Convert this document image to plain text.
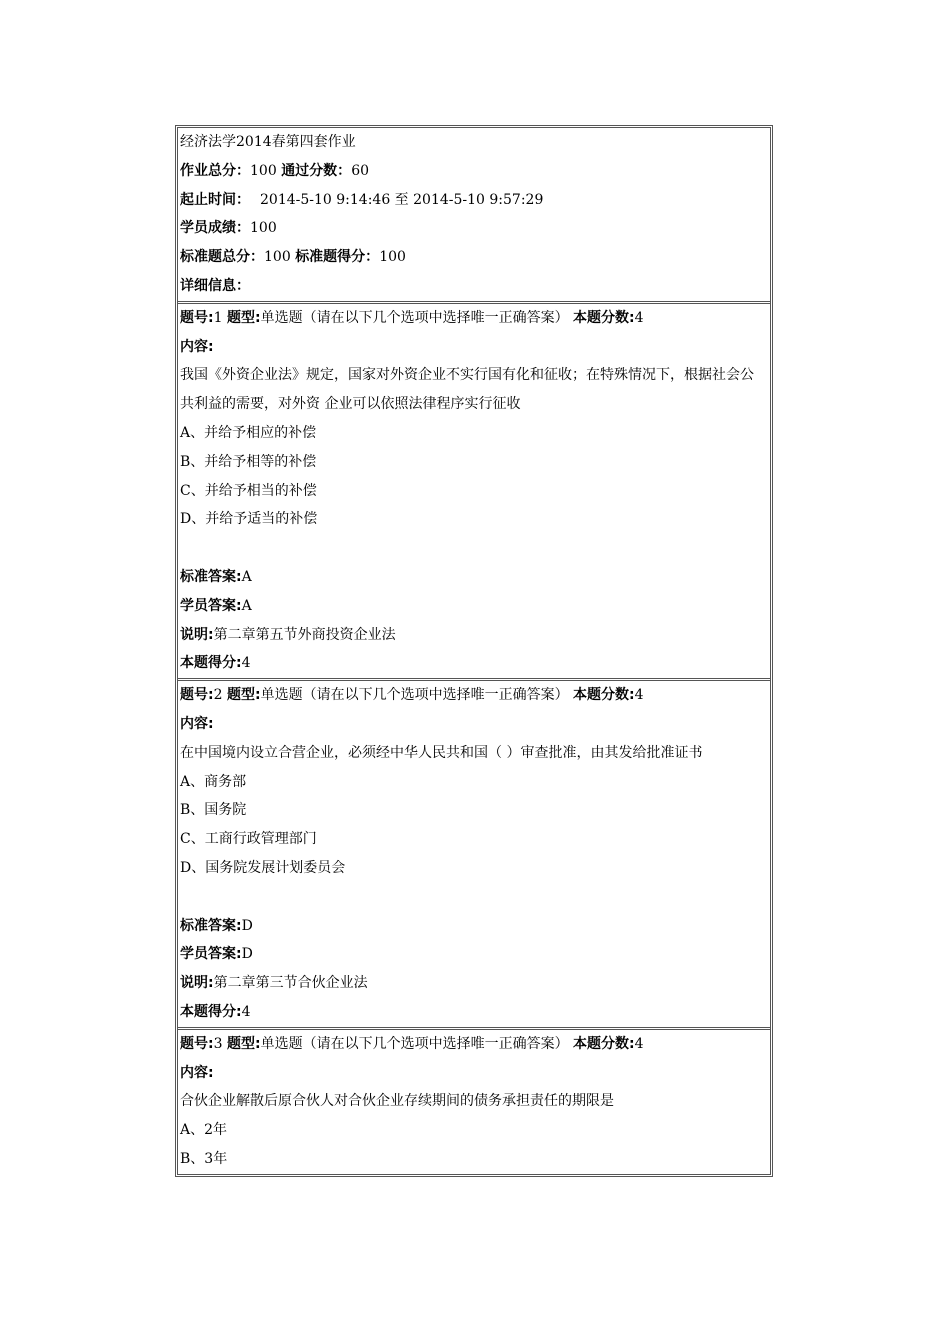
经济法学2014春第四套作业
作业总分：100 通过分数：60
起止时间： 2014-5-10 9:14:46 至 2014-5-10 9:57:29
学员成绩：100
标准题总分：100 标准题得分：100
详细信息：
题号:1 题型:单选题（请在以下几个选项中选择唯一正确答案） 本题分数:4
内容:
我国《外资企业法》规定，国家对外资企业不实行国有化和征收；在特殊情况下，根据社会公共利益的需要，对外资 企业可以依照法律程序实行征收
A、并给予相应的补偿
B、并给予相等的补偿
C、并给予相当的补偿
D、并给予适当的补偿
标准答案:A
学员答案:A
说明:第二章第五节外商投资企业法
本题得分:4
题号:2 题型:单选题（请在以下几个选项中选择唯一正确答案） 本题分数:4
内容:
在中国境内设立合营企业，必须经中华人民共和国（ ）审查批准，由其发给批准证书
A、商务部
B、国务院
C、工商行政管理部门
D、国务院发展计划委员会
标准答案:D
学员答案:D
说明:第二章第三节合伙企业法
本题得分:4
题号:3 题型:单选题（请在以下几个选项中选择唯一正确答案） 本题分数:4
内容:
合伙企业解散后原合伙人对合伙企业存续期间的债务承担责任的期限是
A、2年
B、3年
